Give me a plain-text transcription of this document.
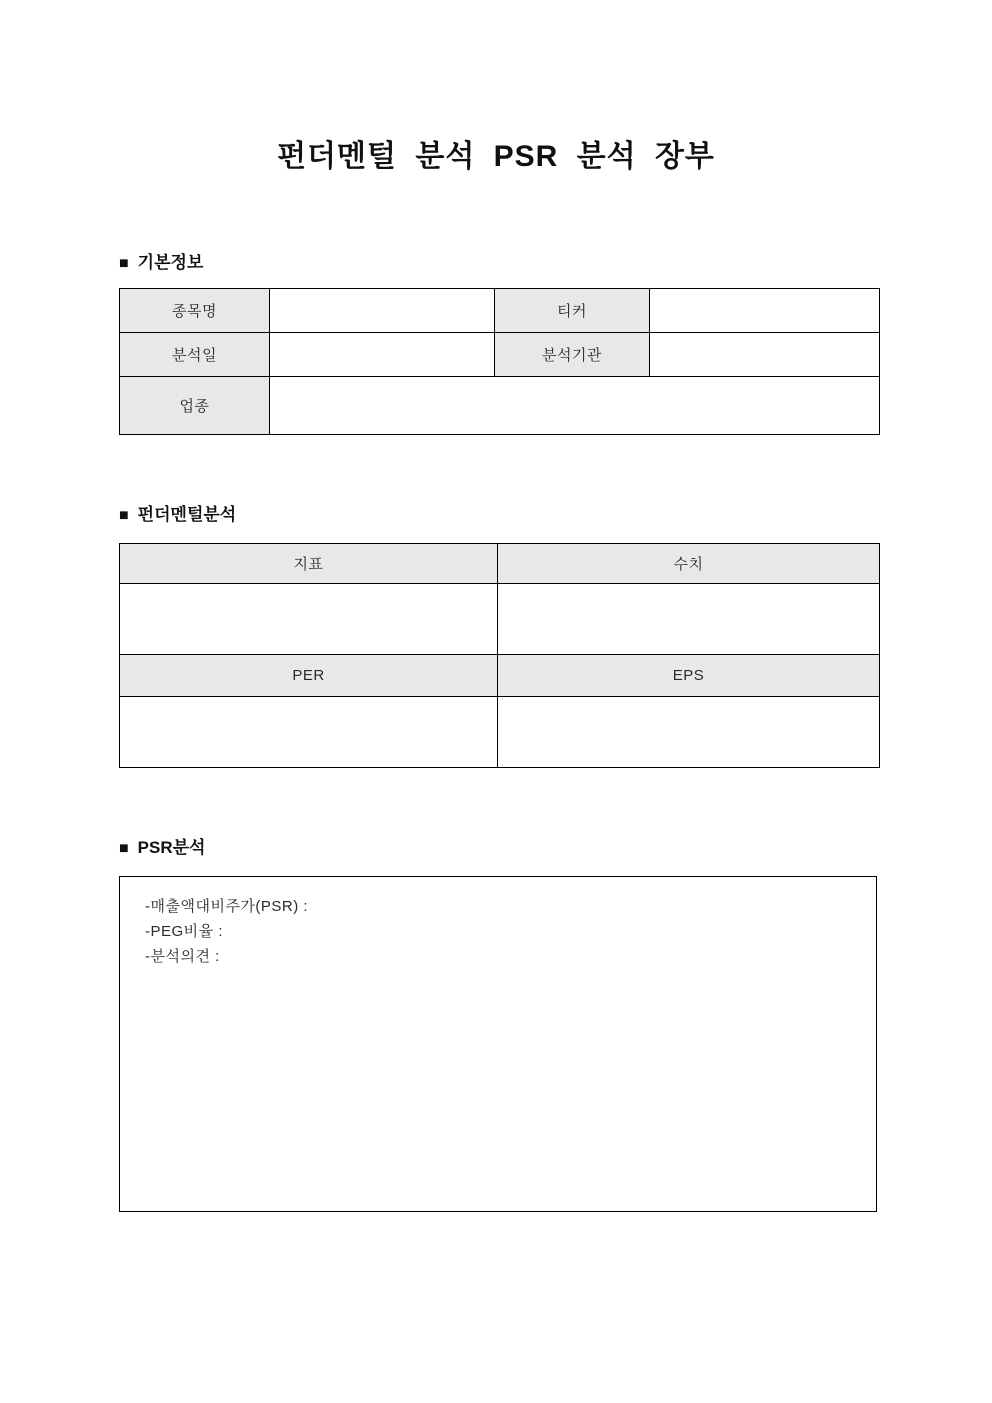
펀더멘털 분석 PSR 분석 장부
■ 기본정보
종목명		티커	
분석일		분석기관	
업종			
■ 펀더멘털분석
지표	수치

PER	EPS

■ PSR분석
-매출액대비주가(PSR) :
-PEG비율 :
-분석의견 :
